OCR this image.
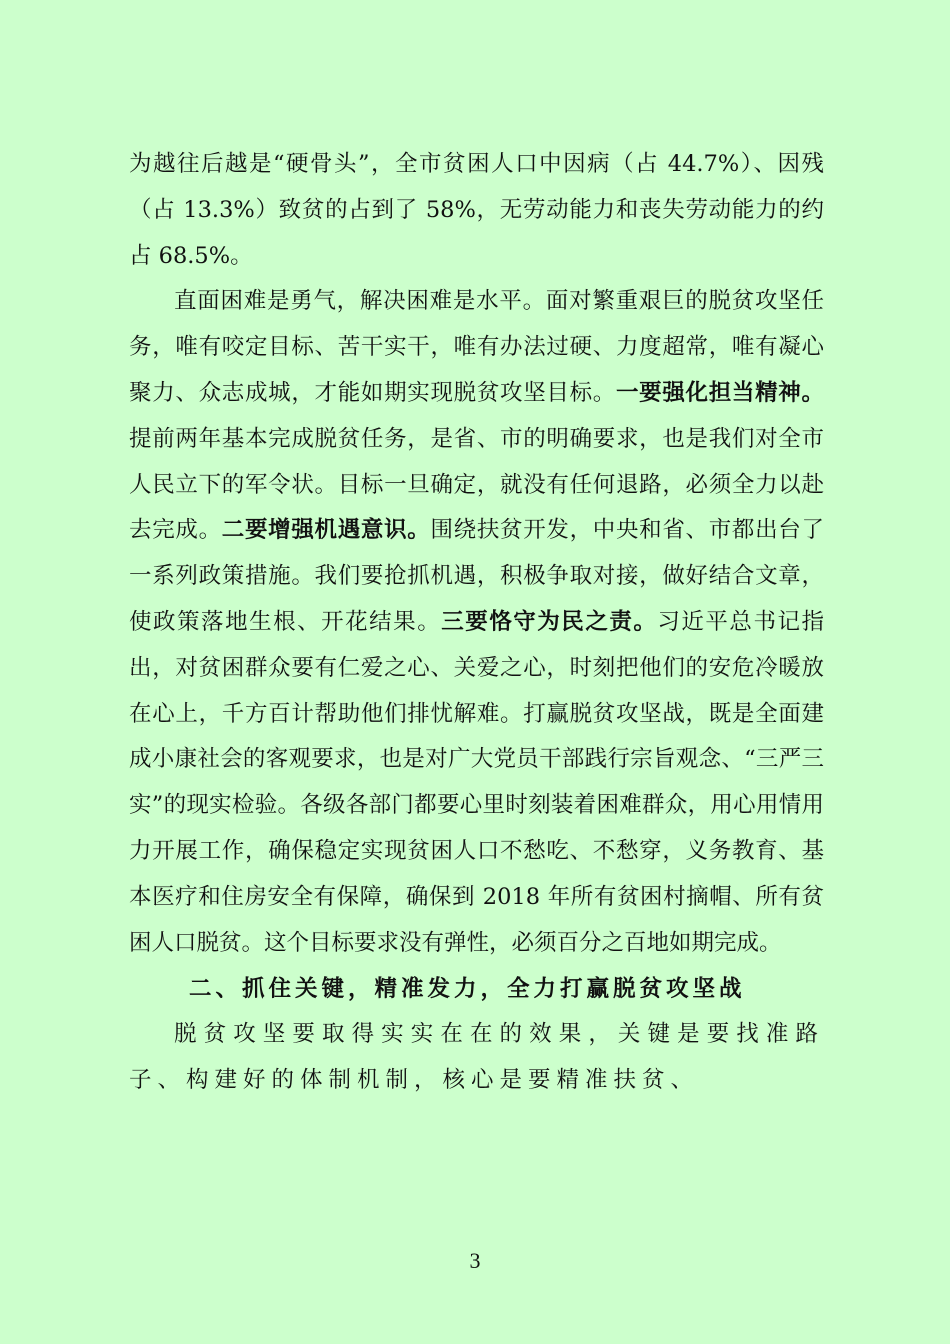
为越往后越是“硬骨头”，全市贫困人口中因病（占 44.7%）、因残（占 13.3%）致贫的占到了 58%，无劳动能力和丧失劳动能力的约占 68.5%。

直面困难是勇气，解决困难是水平。面对繁重艰巨的脱贫攻坚任务，唯有咬定目标、苦干实干，唯有办法过硬、力度超常，唯有凝心聚力、众志成城，才能如期实现脱贫攻坚目标。一要强化担当精神。提前两年基本完成脱贫任务，是省、市的明确要求，也是我们对全市人民立下的军令状。目标一旦确定，就没有任何退路，必须全力以赴去完成。二要增强机遇意识。围绕扶贫开发，中央和省、市都出台了一系列政策措施。我们要抢抓机遇，积极争取对接，做好结合文章，使政策落地生根、开花结果。三要恪守为民之责。习近平总书记指出，对贫困群众要有仁爱之心、关爱之心，时刻把他们的安危冷暖放在心上，千方百计帮助他们排忧解难。打赢脱贫攻坚战，既是全面建成小康社会的客观要求，也是对广大党员干部践行宗旨观念、“三严三实”的现实检验。各级各部门都要心里时刻装着困难群众，用心用情用力开展工作，确保稳定实现贫困人口不愁吃、不愁穿，义务教育、基本医疗和住房安全有保障，确保到 2018 年所有贫困村摘帽、所有贫困人口脱贫。这个目标要求没有弹性，必须百分之百地如期完成。

二、抓住关键，精准发力，全力打赢脱贫攻坚战

脱贫攻坚要取得实实在在的效果，关键是要找准路子、构建好的体制机制，核心是要精准扶贫、

3
